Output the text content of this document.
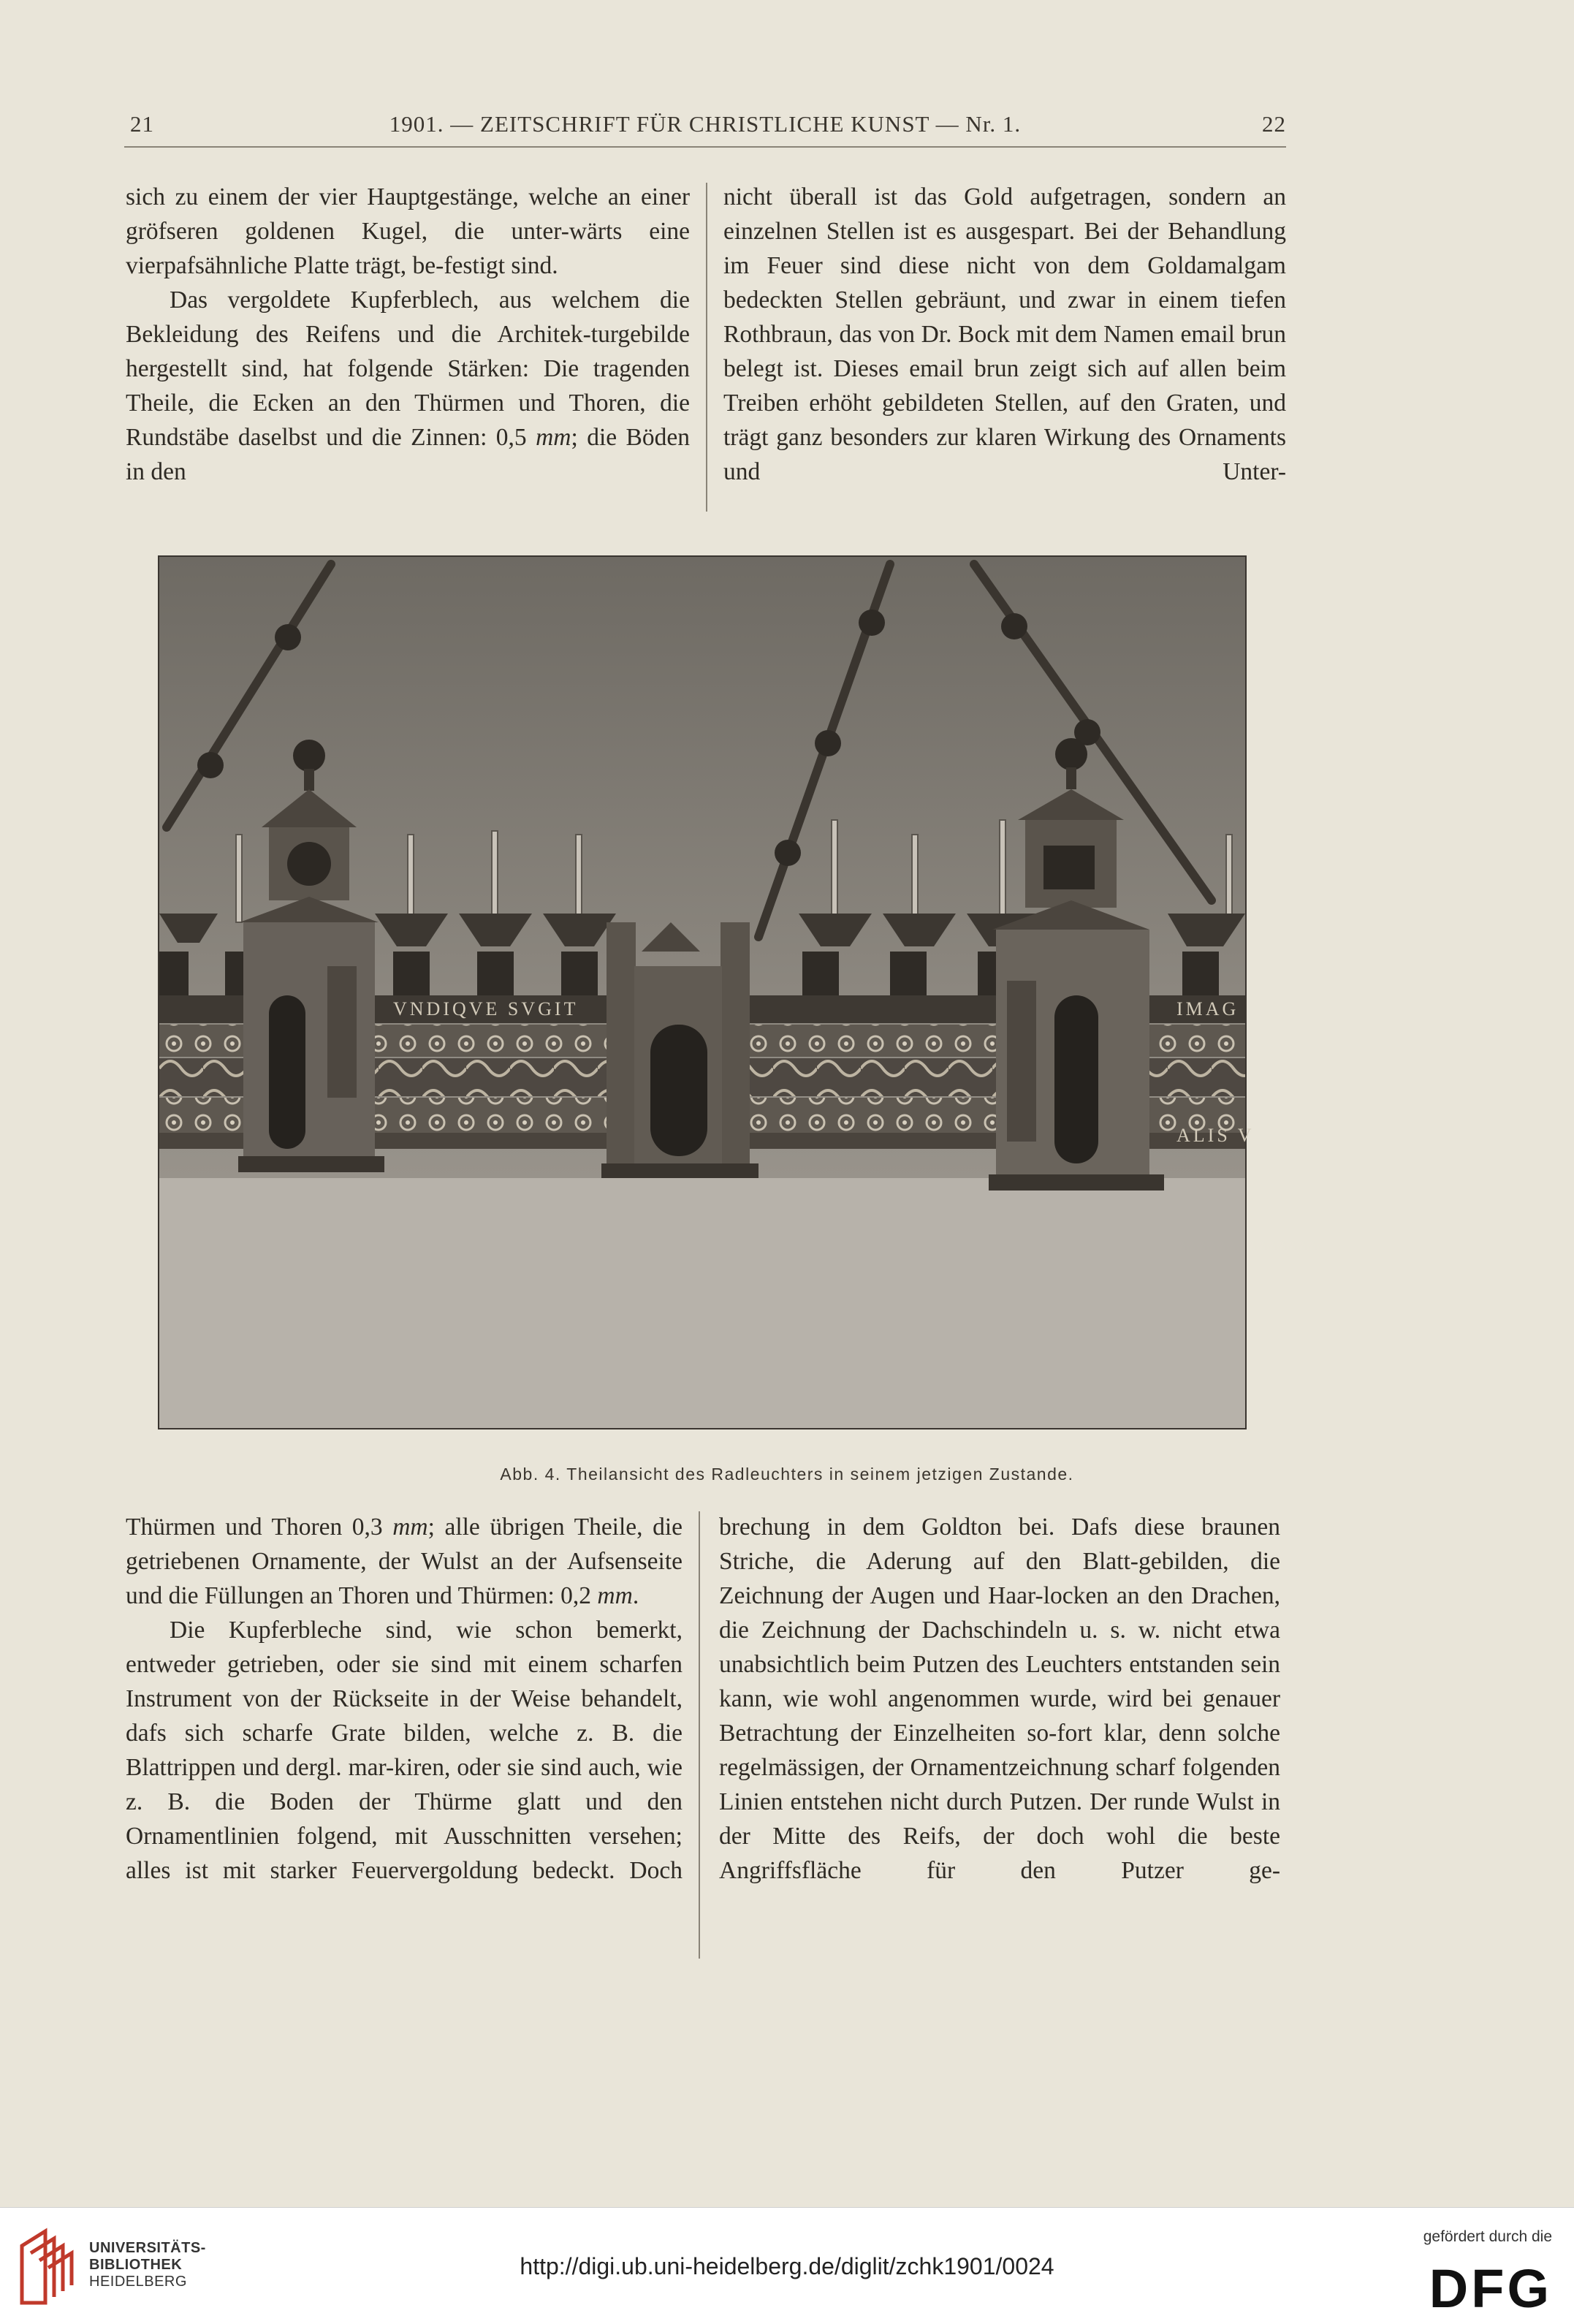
21	1901. — ZEITSCHRIFT FÜR CHRISTLICHE KUNST — Nr. 1.	22

sich zu einem der vier Hauptgestänge, welche an einer gröfseren goldenen Kugel, die unter-wärts eine vierpafsähnliche Platte trägt, be-festigt sind.

Das vergoldete Kupferblech, aus welchem die Bekleidung des Reifens und die Architek-turgebilde hergestellt sind, hat folgende Stärken: Die tragenden Theile, die Ecken an den Thürmen und Thoren, die Rundstäbe daselbst und die Zinnen: 0,5 mm; die Böden in den

nicht überall ist das Gold aufgetragen, sondern an einzelnen Stellen ist es ausgespart. Bei der Behandlung im Feuer sind diese nicht von dem Goldamalgam bedeckten Stellen gebräunt, und zwar in einem tiefen Rothbraun, das von Dr. Bock mit dem Namen email brun belegt ist. Dieses email brun zeigt sich auf allen beim Treiben erhöht gebildeten Stellen, auf den Graten, und trägt ganz besonders zur klaren Wirkung des Ornaments und Unter-

VNDIQVE SVGIT	IMAG
ALIS V
Abb. 4. Theilansicht des Radleuchters in seinem jetzigen Zustande.

Thürmen und Thoren 0,3 mm; alle übrigen Theile, die getriebenen Ornamente, der Wulst an der Aufsenseite und die Füllungen an Thoren und Thürmen: 0,2 mm.

Die Kupferbleche sind, wie schon bemerkt, entweder getrieben, oder sie sind mit einem scharfen Instrument von der Rückseite in der Weise behandelt, dafs sich scharfe Grate bilden, welche z. B. die Blattrippen und dergl. mar-kiren, oder sie sind auch, wie z. B. die Boden der Thürme glatt und den Ornamentlinien folgend, mit Ausschnitten versehen; alles ist mit starker Feuervergoldung bedeckt. Doch

brechung in dem Goldton bei. Dafs diese braunen Striche, die Aderung auf den Blatt-gebilden, die Zeichnung der Augen und Haar-locken an den Drachen, die Zeichnung der Dachschindeln u. s. w. nicht etwa unabsichtlich beim Putzen des Leuchters entstanden sein kann, wie wohl angenommen wurde, wird bei genauer Betrachtung der Einzelheiten so-fort klar, denn solche regelmässigen, der Ornamentzeichnung scharf folgenden Linien entstehen nicht durch Putzen. Der runde Wulst in der Mitte des Reifs, der doch wohl die beste Angriffsfläche für den Putzer ge-

UNIVERSITÄTS-
BIBLIOTHEK
HEIDELBERG
http://digi.ub.uni-heidelberg.de/diglit/zchk1901/0024
gefördert durch die
DFG
